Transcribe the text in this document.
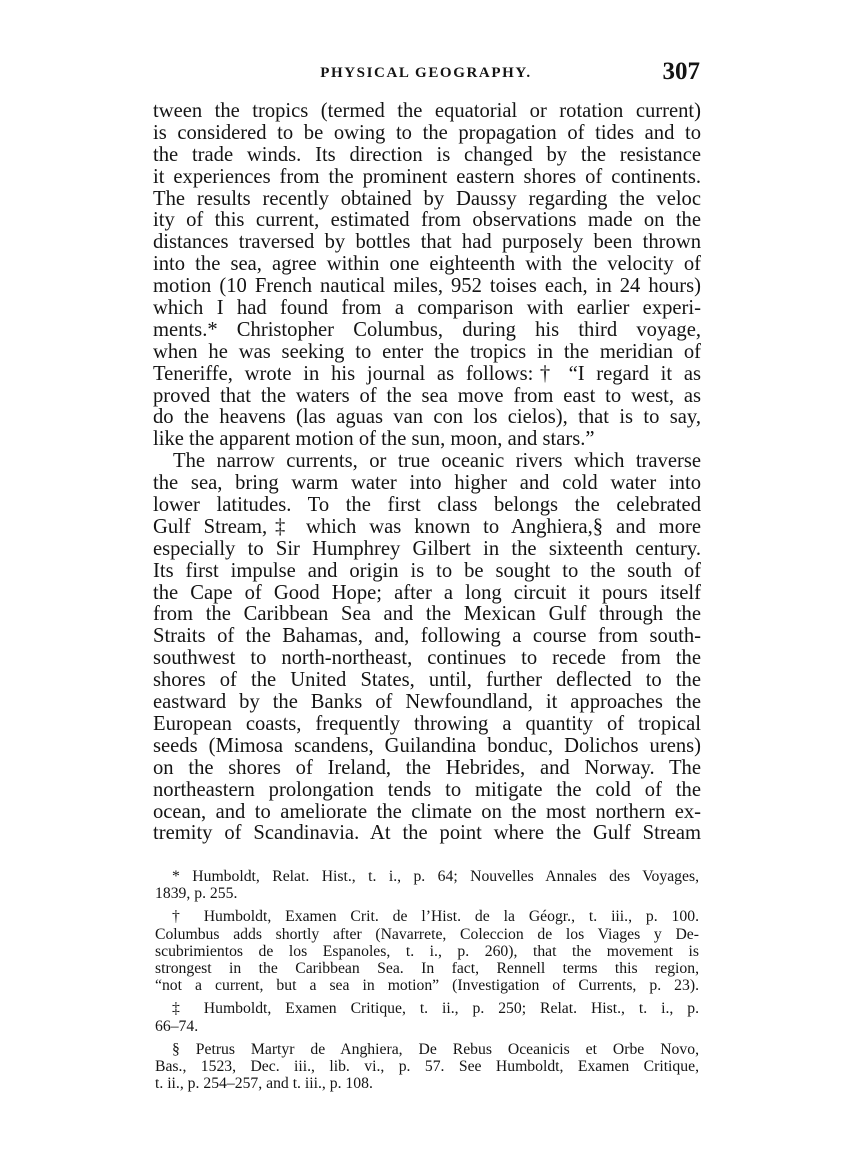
PHYSICAL GEOGRAPHY.	307
tween the tropics (termed the equatorial or rotation current)
is considered to be owing to the propagation of tides and to
the trade winds. Its direction is changed by the resistance
it experiences from the prominent eastern shores of continents.
The results recently obtained by Daussy regarding the veloc
ity of this current, estimated from observations made on the
distances traversed by bottles that had purposely been thrown
into the sea, agree within one eighteenth with the velocity of
motion (10 French nautical miles, 952 toises each, in 24 hours)
which I had found from a comparison with earlier experi-
ments.* Christopher Columbus, during his third voyage,
when he was seeking to enter the tropics in the meridian of
Teneriffe, wrote in his journal as follows:† “I regard it as
proved that the waters of the sea move from east to west, as
do the heavens (las aguas van con los cielos), that is to say,
like the apparent motion of the sun, moon, and stars.”
The narrow currents, or true oceanic rivers which traverse
the sea, bring warm water into higher and cold water into
lower latitudes. To the first class belongs the celebrated
Gulf Stream,‡ which was known to Anghiera,§ and more
especially to Sir Humphrey Gilbert in the sixteenth century.
Its first impulse and origin is to be sought to the south of
the Cape of Good Hope; after a long circuit it pours itself
from the Caribbean Sea and the Mexican Gulf through the
Straits of the Bahamas, and, following a course from south-
southwest to north-northeast, continues to recede from the
shores of the United States, until, further deflected to the
eastward by the Banks of Newfoundland, it approaches the
European coasts, frequently throwing a quantity of tropical
seeds (Mimosa scandens, Guilandina bonduc, Dolichos urens)
on the shores of Ireland, the Hebrides, and Norway. The
northeastern prolongation tends to mitigate the cold of the
ocean, and to ameliorate the climate on the most northern ex-
tremity of Scandinavia. At the point where the Gulf Stream
* Humboldt, Relat. Hist., t. i., p. 64; Nouvelles Annales des Voyages,
1839, p. 255.
† Humboldt, Examen Crit. de l’Hist. de la Géogr., t. iii., p. 100.
Columbus adds shortly after (Navarrete, Coleccion de los Viages y De-
scubrimientos de los Espanoles, t. i., p. 260), that the movement is
strongest in the Caribbean Sea. In fact, Rennell terms this region,
“not a current, but a sea in motion” (Investigation of Currents, p. 23).
‡ Humboldt, Examen Critique, t. ii., p. 250; Relat. Hist., t. i., p.
66–74.
§ Petrus Martyr de Anghiera, De Rebus Oceanicis et Orbe Novo,
Bas., 1523, Dec. iii., lib. vi., p. 57. See Humboldt, Examen Critique,
t. ii., p. 254–257, and t. iii., p. 108.
